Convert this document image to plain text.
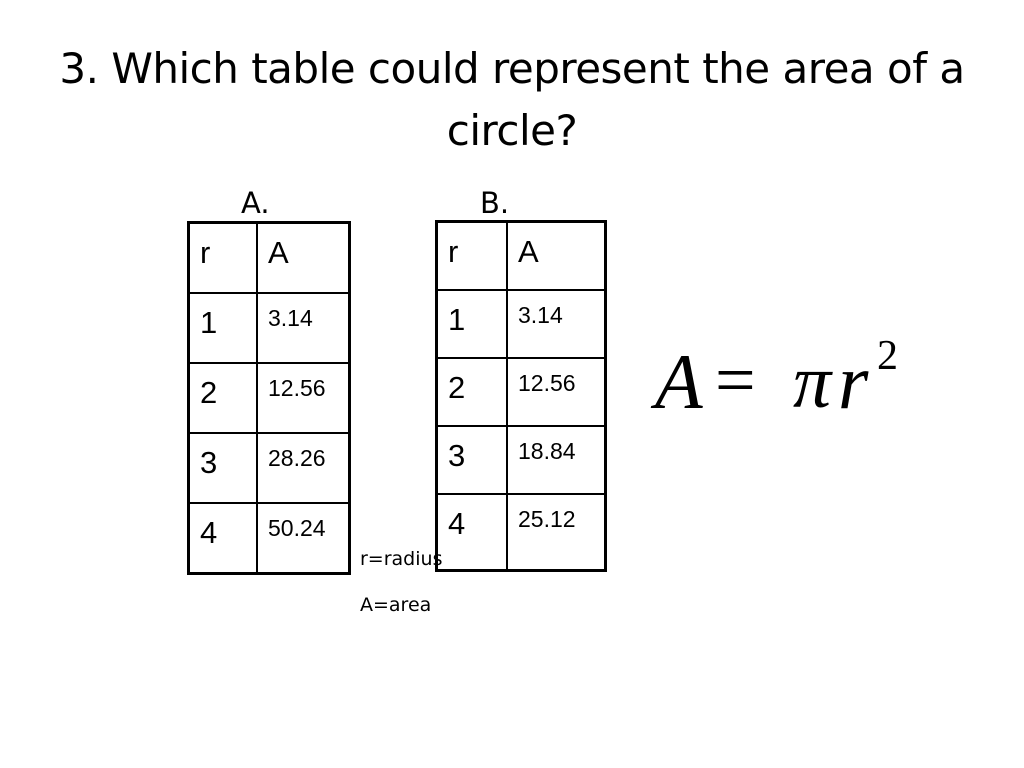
3. Which table could represent the area of a circle?
A.	B.
r	A
1	3.14
2	12.56
3	28.26
4	50.24
r	A
1	3.14
2	12.56
3	18.84
4	25.12
A = π r 2
r=radius
A=area
